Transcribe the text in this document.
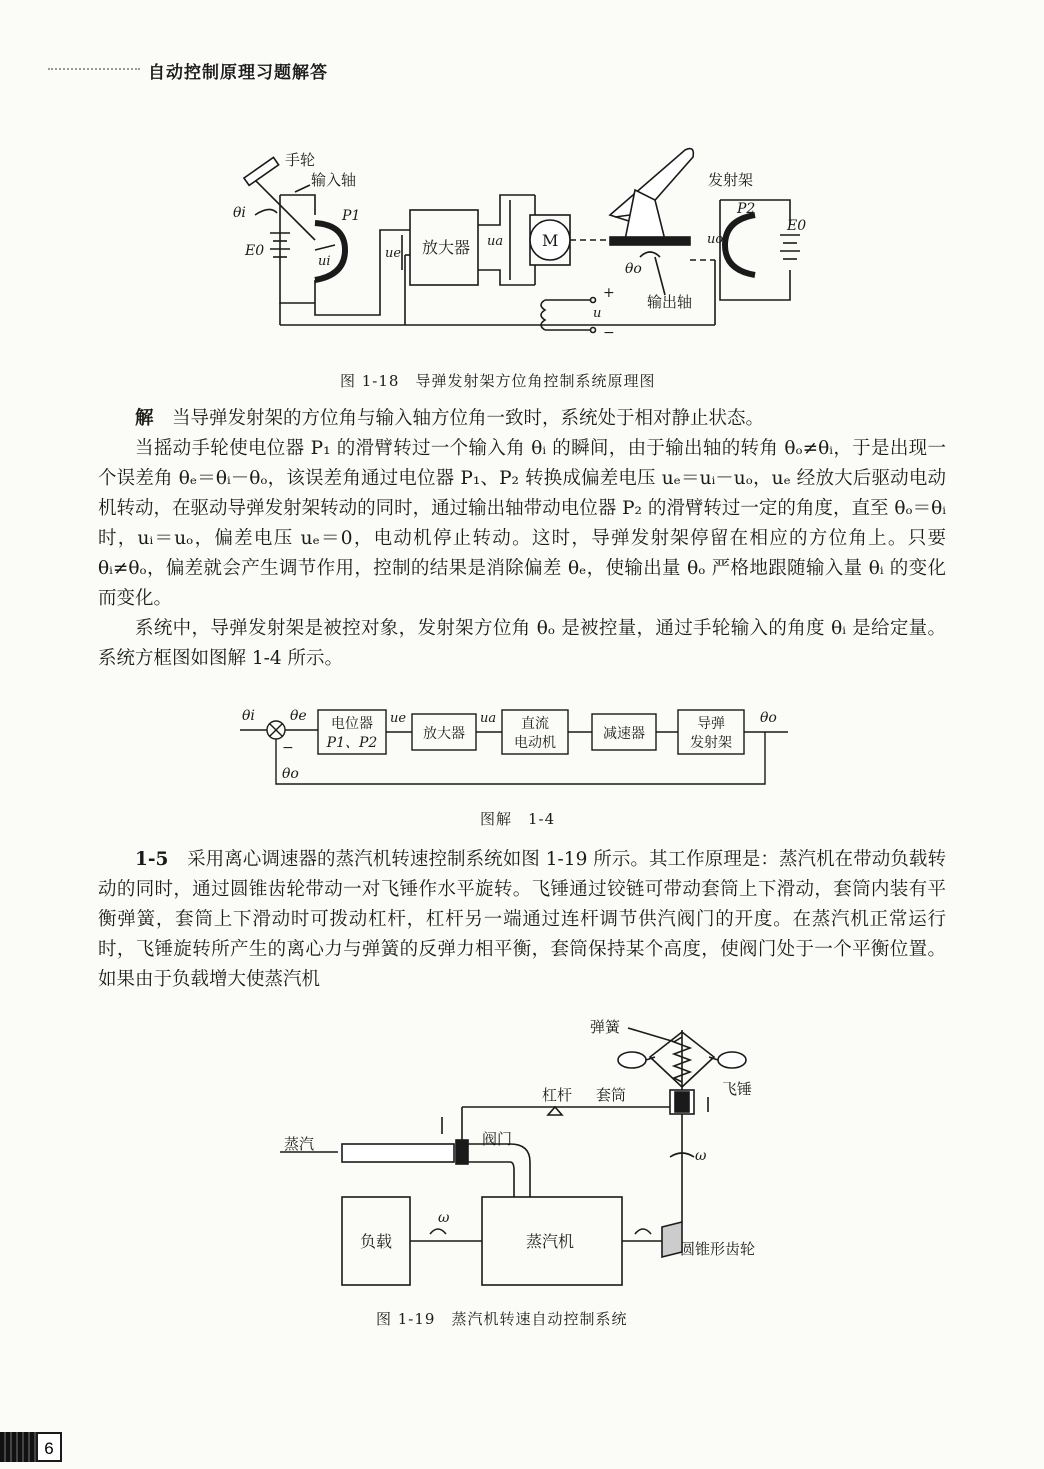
自动控制原理习题解答
手轮
输入轴
θi
E0
P1
ui
ue 放大器 ua M
+
u
−
θo
输出轴
发射架
P2
uo
E0
图 1-18　导弹发射架方位角控制系统原理图

解　 当导弹发射架的方位角与输入轴方位角一致时，系统处于相对静止状态。

当摇动手轮使电位器 P₁ 的滑臂转过一个输入角 θᵢ 的瞬间，由于输出轴的转角 θₒ≠θᵢ，于是出现一个误差角 θₑ＝θᵢ－θₒ，该误差角通过电位器 P₁、P₂ 转换成偏差电压 uₑ＝uᵢ－uₒ，uₑ 经放大后驱动电动机转动，在驱动导弹发射架转动的同时，通过输出轴带动电位器 P₂ 的滑臂转过一定的角度，直至 θₒ＝θᵢ 时，uᵢ＝uₒ，偏差电压 uₑ＝0，电动机停止转动。这时，导弹发射架停留在相应的方位角上。只要 θᵢ≠θₒ，偏差就会产生调节作用，控制的结果是消除偏差 θₑ，使输出量 θₒ 严格地跟随输入量 θᵢ 的变化而变化。

系统中，导弹发射架是被控对象，发射架方位角 θₒ 是被控量，通过手轮输入的角度 θᵢ 是给定量。系统方框图如图解 1-4 所示。

θi	θe
−
电位器
P1、P2
ue
放大器
ua 直流
电动机
减速器
导弹
发射架
θo
θo
图解　1-4

1-5　 采用离心调速器的蒸汽机转速控制系统如图 1-19 所示。其工作原理是：蒸汽机在带动负载转动的同时，通过圆锥齿轮带动一对飞锤作水平旋转。飞锤通过铰链可带动套筒上下滑动，套筒内装有平衡弹簧，套筒上下滑动时可拨动杠杆，杠杆另一端通过连杆调节供汽阀门的开度。在蒸汽机正常运行时，飞锤旋转所产生的离心力与弹簧的反弹力相平衡，套筒保持某个高度，使阀门处于一个平衡位置。如果由于负载增大使蒸汽机

弹簧
套筒	飞锤
杠杆
阀门
蒸汽
ω
负载
ω
蒸汽机	圆锥形齿轮
图 1-19　蒸汽机转速自动控制系统
6
